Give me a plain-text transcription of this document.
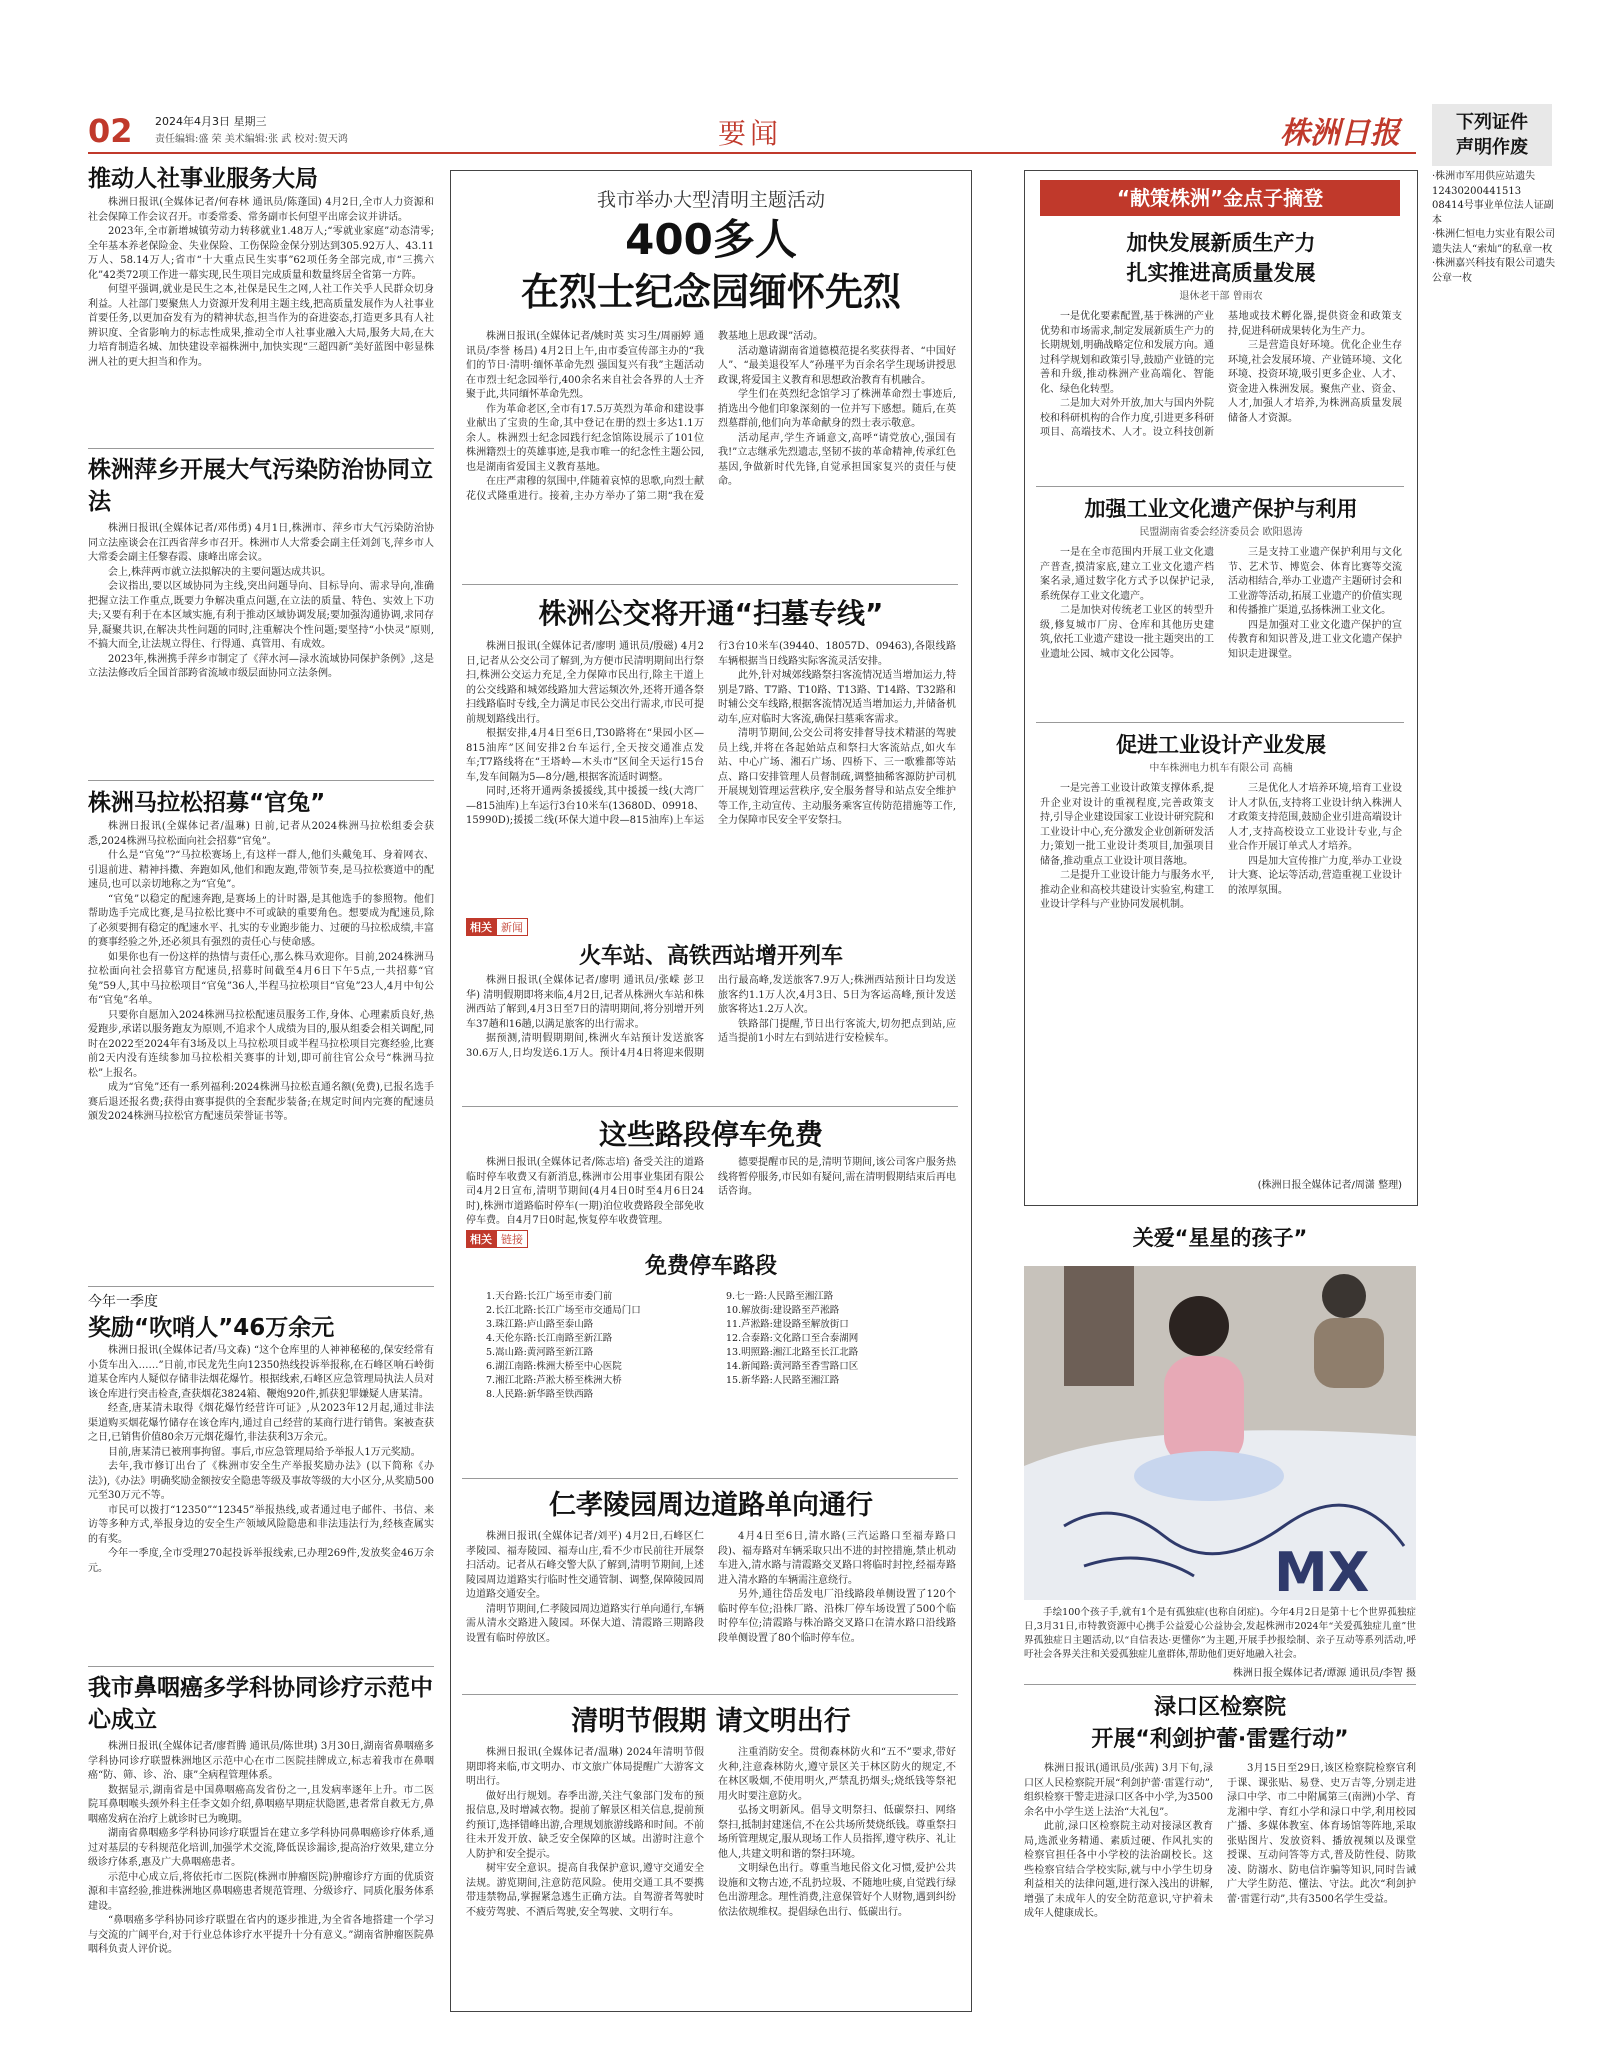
02 2024年4月3日 星期三
责任编辑:盛 荣 美术编辑:张 武 校对:贺天鸿	要闻	株洲日报	下列证件
声明作废
·株洲市军用供应站遗失12430200441513 08414号事业单位法人证副本
·株洲仁恒电力实业有限公司遗失法人“索灿”的私章一枚
·株洲嘉兴科技有限公司遗失公章一枚
推动人社事业服务大局

株洲日报讯(全媒体记者/何春林 通讯员/陈蓬国) 4月2日,全市人力资源和社会保障工作会议召开。市委常委、常务副市长何望平出席会议并讲话。

2023年,全市新增城镇劳动力转移就业1.48万人;“零就业家庭”动态清零;全年基本养老保险金、失业保险、工伤保险金保分别达到305.92万人、43.11万人、58.14万人;省市“十大重点民生实事”62项任务全部完成,市“三携六化”42类72项工作进一幕实现,民生项目完成质量和数量终居全省第一方阵。

何望平强调,就业是民生之本,社保是民生之网,人社工作关乎人民群众切身利益。人社部门要聚焦人力资源开发利用主题主线,把高质量发展作为人社事业首要任务,以更加奋发有为的精神状态,担当作为的奋进姿态,打造更多具有人社辨识度、全省影响力的标志性成果,推动全市人社事业融入大局,服务大局,在大力培育制造名城、加快建设幸福株洲中,加快实现“三超四新”美好蓝图中彰显株洲人社的更大担当和作为。

株洲萍乡开展大气污染防治协同立法

株洲日报讯(全媒体记者/邓伟勇) 4月1日,株洲市、萍乡市大气污染防治协同立法座谈会在江西省萍乡市召开。株洲市人大常委会副主任刘剑飞,萍乡市人大常委会副主任黎春霞、康峰出席会议。

会上,株萍两市就立法拟解决的主要问题达成共识。

会议指出,要以区域协同为主线,突出问题导向、目标导向、需求导向,准确把握立法工作重点,既要力争解决重点问题,在立法的质量、特色、实效上下功夫;又要有利于在本区域实施,有利于推动区域协调发展;要加强沟通协调,求同存异,凝聚共识,在解决共性问题的同时,注重解决个性问题;要坚持“小快灵”原则,不搞大而全,让法规立得住、行得通、真管用、有成效。

2023年,株洲携手萍乡市制定了《萍水河—渌水流域协同保护条例》,这是立法法修改后全国首部跨省流域市级层面协同立法条例。

株洲马拉松招募“官兔”

株洲日报讯(全媒体记者/温琳) 日前,记者从2024株洲马拉松组委会获悉,2024株洲马拉松面向社会招募“官兔”。

什么是“官兔”?“马拉松赛场上,有这样一群人,他们头戴兔耳、身着网衣、引退前进、精神抖擞、奔跑如风,他们和跑友跑,带领节奏,是马拉松赛道中的配速员,也可以亲切地称之为“官兔”。

“官兔”以稳定的配速奔跑,是赛场上的计时器,是其他选手的参照物。他们帮助选手完成比赛,是马拉松比赛中不可或缺的重要角色。想要成为配速员,除了必须要拥有稳定的配速水平、扎实的专业跑步能力、过硬的马拉松成绩,丰富的赛事经验之外,还必须具有强烈的责任心与使命感。

如果你也有一份这样的热情与责任心,那么株马欢迎你。目前,2024株洲马拉松面向社会招募官方配速员,招募时间截至4月6日下午5点,一共招募“官兔”59人,其中马拉松项目“官兔”36人,半程马拉松项目“官兔”23人,4月中旬公布“官兔”名单。

只要你自愿加入2024株洲马拉松配速员服务工作,身体、心理素质良好,热爱跑步,承诺以服务跑友为原则,不追求个人成绩为目的,服从组委会相关调配,同时在2022至2024年有3场及以上马拉松项目或半程马拉松项目完赛经验,比赛前2天内没有连续参加马拉松相关赛事的计划,即可前往官公众号“株洲马拉松”上报名。

成为“官兔”还有一系列福利:2024株洲马拉松直通名额(免费),已报名选手赛后退还报名费;获得由赛事提供的全套配步装备;在规定时间内完赛的配速员颁发2024株洲马拉松官方配速员荣誉证书等。

今年一季度
奖励“吹哨人”46万余元

株洲日报讯(全媒体记者/马文森) “这个仓库里的人神神秘秘的,保安经常有小货车出入……”日前,市民龙先生向12350热线投诉举报称,在石峰区响石岭街道某仓库内人疑似存储非法烟花爆竹。根据线索,石峰区应急管理局执法人员对该仓库进行突击检查,查获烟花3824箱、鞭炮920件,抓获犯罪嫌疑人唐某清。

经查,唐某清未取得《烟花爆竹经营许可证》,从2023年12月起,通过非法渠道购买烟花爆竹储存在该仓库内,通过自己经营的某商行进行销售。案被查获之日,已销售价值80余万元烟花爆竹,非法获利3万余元。

目前,唐某清已被刑事拘留。事后,市应急管理局给予举报人1万元奖励。

去年,我市修订出台了《株洲市安全生产举报奖励办法》(以下简称《办法》),《办法》明确奖励金额按安全隐患等级及事故等级的大小区分,从奖励500元至30万元不等。

市民可以拨打“12350”“12345”举报热线,或者通过电子邮件、书信、来访等多种方式,举报身边的安全生产领域风险隐患和非法违法行为,经核查属实的有奖。

今年一季度,全市受理270起投诉举报线索,已办理269件,发放奖金46万余元。

我市鼻咽癌多学科协同诊疗示范中心成立

株洲日报讯(全媒体记者/廖哲腾 通讯员/陈世琪) 3月30日,湖南省鼻咽癌多学科协同诊疗联盟株洲地区示范中心在市二医院挂牌成立,标志着我市在鼻咽癌“防、筛、诊、治、康”全病程管理体系。

数据显示,湖南省是中国鼻咽癌高发省份之一,且发病率逐年上升。市二医院耳鼻咽喉头颈外科主任李文如介绍,鼻咽癌早期症状隐匿,患者常自救无方,鼻咽癌发病在治疗上就诊时已为晚期。

湖南省鼻咽癌多学科协同诊疗联盟旨在建立多学科协同鼻咽癌诊疗体系,通过对基层的专科规范化培训,加强学术交流,降低误诊漏诊,提高治疗效果,建立分级诊疗体系,惠及广大鼻咽癌患者。

示范中心成立后,将依托市二医院(株洲市肿瘤医院)肿瘤诊疗方面的优质资源和丰富经验,推进株洲地区鼻咽癌患者规范管理、分级诊疗、同质化服务体系建设。

“鼻咽癌多学科协同诊疗联盟在省内的逐步推进,为全省各地搭建一个学习与交流的广阔平台,对于行业总体诊疗水平提升十分有意义。”湖南省肿瘤医院鼻咽科负责人评价说。

我市举办大型清明主题活动
400多人
在烈士纪念园缅怀先烈

株洲日报讯(全媒体记者/姚时英 实习生/周丽婷 通讯员/李誉 杨昌) 4月2日上午,由市委宣传部主办的“我们的节日·清明·缅怀革命先烈 强国复兴有我”主题活动在市烈士纪念园举行,400余名来自社会各界的人士齐聚于此,共同缅怀革命先烈。

作为革命老区,全市有17.5万英烈为革命和建设事业献出了宝贵的生命,其中登记在册的烈士多达1.1万余人。株洲烈士纪念园践行纪念馆陈设展示了101位株洲籍烈士的英雄事迹,是我市唯一的纪念性主题公园,也是湖南省爱国主义教育基地。

在庄严肃穆的氛围中,伴随着哀悼的思歌,向烈士献花仪式隆重进行。接着,主办方举办了第二期“我在爱教基地上思政课”活动。

活动邀请湖南省道德模范提名奖获得者、“中国好人”、“最美退役军人”孙瑾平为百余名学生现场讲授思政课,将爱国主义教育和思想政治教育有机融合。

学生们在英烈纪念馆学习了株洲革命烈士事迹后,捎选出今他们印象深刻的一位并写下感想。随后,在英烈墓群前,他们向为革命献身的烈士表示敬意。

活动尾声,学生齐诵意文,高呼“请党放心,强国有我!”立志继承先烈遗志,坚韧不拔的革命精神,传承红色基因,争做新时代先锋,自觉承担国家复兴的责任与使命。

株洲公交将开通“扫墓专线”

株洲日报讯(全媒体记者/廖明 通讯员/殷磁) 4月2日,记者从公交公司了解到,为方便市民清明期间出行祭扫,株洲公交运力充足,全力保障市民出行,除主干道上的公交线路和城郊线路加大营运频次外,还将开通各祭扫线路临时专线,全力满足市民公交出行需求,市民可提前规划路线出行。

根据安排,4月4日至6日,T30路将在“果园小区—815油库”区间安排2台车运行,全天按交通准点发车;T7路线将在“王塔岭—木头市”区间全天运行15台车,发车间隔为5—8分/趟,根据客流适时调整。

同时,还将开通两条援援线,其中援援一线(大湾厂—815油库)上车运行3台10米车(13680D、09918、15990D);援援二线(环保大道中段—815油库)上车运行3台10米车(39440、18057D、09463),各限线路车辆根据当日线路实际客流灵活安排。

此外,针对城郊线路祭扫客流情况适当增加运力,特别是7路、T7路、T10路、T13路、T14路、T32路和时辅公交车线路,根据客流情况适当增加运力,并储备机动车,应对临时大客流,确保扫墓乘客需求。

清明节期间,公交公司将安排督导技术精湛的驾驶员上线,并将在各起始站点和祭扫大客流站点,如火车站、中心广场、湘石广场、四桥下、三一歌雅都等站点、路口安排管理人员督制疏,调整抽稀客源防护司机开展规划管理运营秩序,安全服务督导和站点安全维护等工作,主动宣传、主动服务乘客宣传防范措施等工作,全力保障市民安全平安祭扫。

相关 新闻
火车站、高铁西站增开列车

株洲日报讯(全媒体记者/廖明 通讯员/张嵘 彭卫华) 清明假期即将来临,4月2日,记者从株洲火车站和株洲西站了解到,4月3日至7日的清明期间,将分别增开列车37趟和16趟,以满足旅客的出行需求。

据预测,清明假期期间,株洲火车站预计发送旅客30.6万人,日均发送6.1万人。预计4月4日将迎来假期出行最高峰,发送旅客7.9万人;株洲西站预计日均发送旅客约1.1万人次,4月3日、5日为客运高峰,预计发送旅客将达1.2万人次。

铁路部门提醒,节日出行客流大,切勿把点到站,应适当提前1小时左右到站进行安检候车。

这些路段停车免费

株洲日报讯(全媒体记者/陈志培) 备受关注的道路临时停车收费又有新消息,株洲市公用事业集团有限公司4月2日宣布,清明节期间(4月4日0时至4月6日24时),株洲市道路临时停车(一期)泊位收费路段全部免收停车费。自4月7日0时起,恢复停车收费管理。

德要提醒市民的是,清明节期间,该公司客户服务热线将暂停服务,市民如有疑问,需在清明假期结束后再电话咨询。

相关 链接
免费停车路段
1.天台路:长江广场至市委门前
2.长江北路:长江广场至市交通局门口
3.珠江路:庐山路至泰山路
4.天伦东路:长江南路至新江路
5.嵩山路:黄河路至新江路
6.湖江南路:株洲大桥至中心医院
7.湘江北路:芦淞大桥至株洲大桥
8.人民路:新华路至铁西路
9.七一路:人民路至湘江路
10.解放街:建设路至芦淞路
11.芦淞路:建设路至解放街口
12.合泰路:文化路口至合泰湖网
13.明照路:湘江北路至长江北路
14.新闻路:黄河路至香雪路口区
15.新华路:人民路至湘江路
仁孝陵园周边道路单向通行

株洲日报讯(全媒体记者/刘平) 4月2日,石峰区仁孝陵园、福寿陵园、福寿山庄,看不少市民前往开展祭扫活动。记者从石峰交警大队了解到,清明节期间,上述陵园周边道路实行临时性交通管制、调整,保障陵园周边道路交通安全。

清明节期间,仁孝陵园周边道路实行单向通行,车辆需从清水交路进入陵园。环保大道、清霞路三期路段设置有临时停放区。

4月4日至6日,清水路(三汽运路口至福寿路口段)、福寿路对车辆采取只出不进的封控措施,禁止机动车进入,清水路与清霞路交叉路口将临时封控,经福寿路进入清水路的车辆需注意绕行。

另外,通往岱岳发电厂沿线路段单侧设置了120个临时停车位;沿株厂路、沿株厂停车场设置了500个临时停车位;清霞路与株冶路交叉路口在清水路口沿线路段单侧设置了80个临时停车位。

清明节假期 请文明出行

株洲日报讯(全媒体记者/温琳) 2024年清明节假期即将来临,市文明办、市文旅广体局提醒广大游客文明出行。

做好出行规划。春季出游,关注气象部门发布的预报信息,及时增减衣物。提前了解景区相关信息,提前预约预订,选择错峰出游,合理规划旅游线路和时间。不前往未开发开放、缺乏安全保障的区域。出游时注意个人防护和安全提示。

树牢安全意识。提高自我保护意识,遵守交通安全法规。游览期间,注意防范风险。使用交通工具不要携带违禁物品,掌握紧急逃生正确方法。自驾游者驾驶时不疲劳驾驶、不酒后驾驶,安全驾驶、文明行车。

注重消防安全。贯彻森林防火和“五不”要求,带好火种,注意森林防火,遵守景区关于林区防火的规定,不在林区吸烟,不使用明火,严禁乱扔烟头;烧纸钱等祭祀用火时要注意防火。

弘扬文明新风。倡导文明祭扫、低碳祭扫、网络祭扫,抵制封建迷信,不在公共场所焚烧纸钱。尊重祭扫场所管理规定,服从现场工作人员指挥,遵守秩序、礼让他人,共建文明和谐的祭扫环境。

文明绿色出行。尊重当地民俗文化习惯,爱护公共设施和文物古迹,不乱扔垃圾、不随地吐痰,自觉践行绿色出游理念。理性消费,注意保管好个人财物,遇到纠纷依法依规维权。提倡绿色出行、低碳出行。

“献策株洲”金点子摘登
加快发展新质生产力
扎实推进高质量发展
退休老干部 曾雨农

一是优化要素配置,基于株洲的产业优势和市场需求,制定发展新质生产力的长期规划,明确战略定位和发展方向。通过科学规划和政策引导,鼓励产业链的完善和升级,推动株洲产业高端化、智能化、绿色化转型。

二是加大对外开放,加大与国内外院校和科研机构的合作力度,引进更多科研项目、高端技术、人才。设立科技创新基地或技术孵化器,提供资金和政策支持,促进科研成果转化为生产力。

三是营造良好环境。优化企业生存环境,社会发展环境、产业链环境、文化环境、投资环境,吸引更多企业、人才、资金进入株洲发展。聚焦产业、资金、人才,加强人才培养,为株洲高质量发展储备人才资源。

加强工业文化遗产保护与利用
民盟湖南省委会经济委员会 欧阳恩涛

一是在全市范围内开展工业文化遗产普查,摸清家底,建立工业文化遗产档案名录,通过数字化方式予以保护记录,系统保存工业文化遗产。

二是加快对传统老工业区的转型升级,修复城市厂房、仓库和其他历史建筑,依托工业遗产建设一批主题突出的工业遗址公园、城市文化公园等。

三是支持工业遗产保护利用与文化节、艺术节、博览会、体育比赛等交流活动相结合,举办工业遗产主题研讨会和工业游等活动,拓展工业遗产的价值实现和传播推广渠道,弘扬株洲工业文化。

四是加强对工业文化遗产保护的宣传教育和知识普及,进工业文化遗产保护知识走进课堂。

促进工业设计产业发展
中车株洲电力机车有限公司 高楠

一是完善工业设计政策支撑体系,提升企业对设计的重视程度,完善政策支持,引导企业建设国家工业设计研究院和工业设计中心,充分激发企业创新研发活力;策划一批工业设计类项目,加强项目储备,推动重点工业设计项目落地。

二是提升工业设计能力与服务水平,推动企业和高校共建设计实验室,构建工业设计学科与产业协同发展机制。

三是优化人才培养环境,培育工业设计人才队伍,支持将工业设计纳入株洲人才政策支持范围,鼓励企业引进高端设计人才,支持高校设立工业设计专业,与企业合作开展订单式人才培养。

四是加大宣传推广力度,举办工业设计大赛、论坛等活动,营造重视工业设计的浓厚氛围。

(株洲日报全媒体记者/周潇 整理)
关爱“星星的孩子”
MX

手绘100个孩子手,就有1个是有孤独症(也称自闭症)。今年4月2日是第十七个世界孤独症日,3月31日,市特教资源中心携手公益爱心公益协会,发起株洲市2024年“关爱孤独症儿童”世界孤独症日主题活动,以“自信表达·更懂你”为主题,开展手抄报绘制、亲子互动等系列活动,呼吁社会各界关注和关爱孤独症儿童群体,帮助他们更好地融入社会。

株洲日报全媒体记者/谭源 通讯员/李智 摄
渌口区检察院
开展“利剑护蕾·雷霆行动”

株洲日报讯(通讯员/张茜) 3月下旬,渌口区人民检察院开展“利剑护蕾·雷霆行动”,组织检察干警走进渌口区各中小学,为3500余名中小学生送上法治“大礼包”。

此前,渌口区检察院主动对接渌区教育局,选派业务精通、素质过硬、作风扎实的检察官担任各中小学校的法治副校长。这些检察官结合学校实际,就与中小学生切身利益相关的法律问题,进行深入浅出的讲解,增强了未成年人的安全防范意识,守护着未成年人健康成长。

3月15日至29日,该区检察院检察官利于课、课张贴、易登、史万吉等,分别走进渌口中学、市二中附属第三(南洲)小学、育龙湘中学、育红小学和渌口中学,利用校园广播、多媒体教室、体育场馆等阵地,采取张贴图片、发放资料、播放视频以及课堂授课、互动问答等方式,普及防性侵、防欺凌、防溺水、防电信诈骗等知识,同时告诫广大学生防范、懂法、守法。此次“利剑护蕾·雷霆行动”,共有3500名学生受益。
